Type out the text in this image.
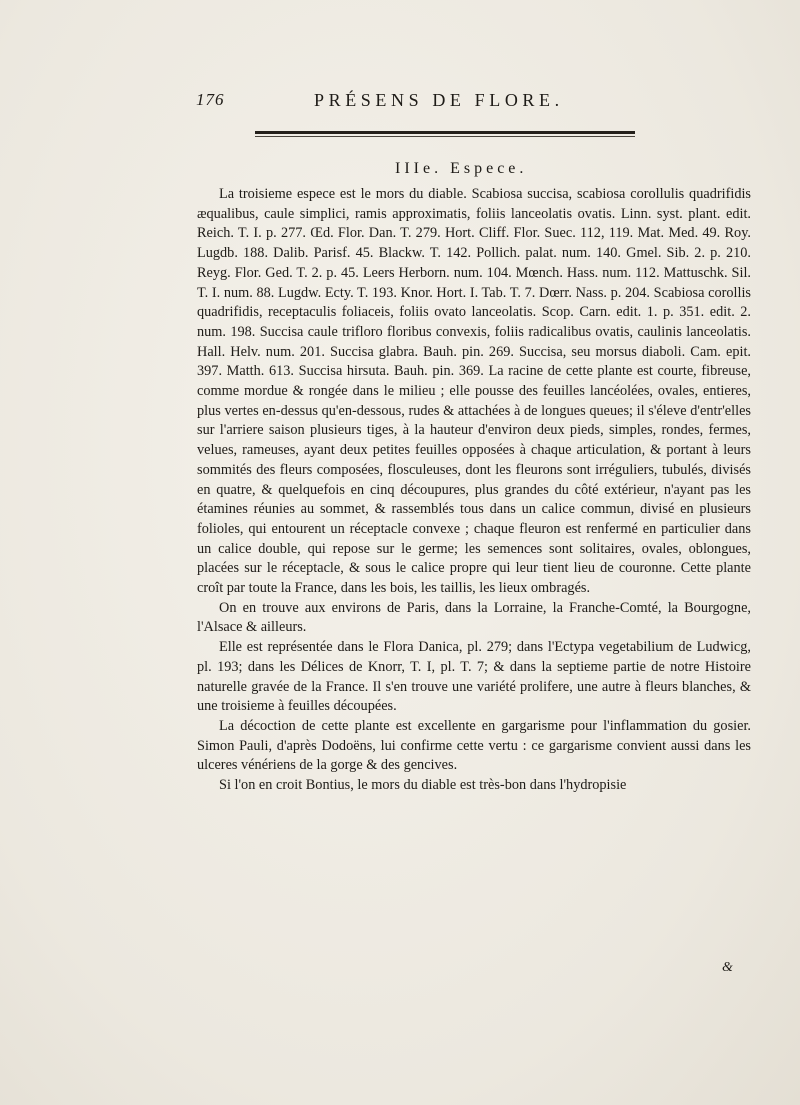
176	PRÉSENS DE FLORE.
IIIe. Espece.

La troisieme espece est le mors du diable. Scabiosa succisa, scabiosa corollulis quadrifidis æqualibus, caule simplici, ramis approximatis, foliis lanceolatis ovatis. Linn. syst. plant. edit. Reich. T. I. p. 277. Œd. Flor. Dan. T. 279. Hort. Cliff. Flor. Suec. 112, 119. Mat. Med. 49. Roy. Lugdb. 188. Dalib. Parisf. 45. Blackw. T. 142. Pollich. palat. num. 140. Gmel. Sib. 2. p. 210. Reyg. Flor. Ged. T. 2. p. 45. Leers Herborn. num. 104. Mœnch. Hass. num. 112. Mattuschk. Sil. T. I. num. 88. Lugdw. Ecty. T. 193. Knor. Hort. I. Tab. T. 7. Dœrr. Nass. p. 204. Scabiosa corollis quadrifidis, receptaculis foliaceis, foliis ovato lanceolatis. Scop. Carn. edit. 1. p. 351. edit. 2. num. 198. Succisa caule trifloro floribus convexis, foliis radicalibus ovatis, caulinis lanceolatis. Hall. Helv. num. 201. Succisa glabra. Bauh. pin. 269. Succisa, seu morsus diaboli. Cam. epit. 397. Matth. 613. Succisa hirsuta. Bauh. pin. 369. La racine de cette plante est courte, fibreuse, comme mordue & rongée dans le milieu ; elle pousse des feuilles lancéolées, ovales, entieres, plus vertes en-dessus qu'en-dessous, rudes & attachées à de longues queues; il s'éleve d'entr'elles sur l'arriere saison plusieurs tiges, à la hauteur d'environ deux pieds, simples, rondes, fermes, velues, rameuses, ayant deux petites feuilles opposées à chaque articulation, & portant à leurs sommités des fleurs composées, flosculeuses, dont les fleurons sont irréguliers, tubulés, divisés en quatre, & quelquefois en cinq découpures, plus grandes du côté extérieur, n'ayant pas les étamines réunies au sommet, & rassemblés tous dans un calice commun, divisé en plusieurs folioles, qui entourent un réceptacle convexe ; chaque fleuron est renfermé en particulier dans un calice double, qui repose sur le germe; les semences sont solitaires, ovales, oblongues, placées sur le réceptacle, & sous le calice propre qui leur tient lieu de couronne. Cette plante croît par toute la France, dans les bois, les taillis, les lieux ombragés.

On en trouve aux environs de Paris, dans la Lorraine, la Franche-Comté, la Bourgogne, l'Alsace & ailleurs.

Elle est représentée dans le Flora Danica, pl. 279; dans l'Ectypa vegetabilium de Ludwicg, pl. 193; dans les Délices de Knorr, T. I, pl. T. 7; & dans la septieme partie de notre Histoire naturelle gravée de la France. Il s'en trouve une variété prolifere, une autre à fleurs blanches, & une troisieme à feuilles découpées.

La décoction de cette plante est excellente en gargarisme pour l'inflammation du gosier. Simon Pauli, d'après Dodoëns, lui confirme cette vertu : ce gargarisme convient aussi dans les ulceres vénériens de la gorge & des gencives.

Si l'on en croit Bontius, le mors du diable est très-bon dans l'hydropisie

&
